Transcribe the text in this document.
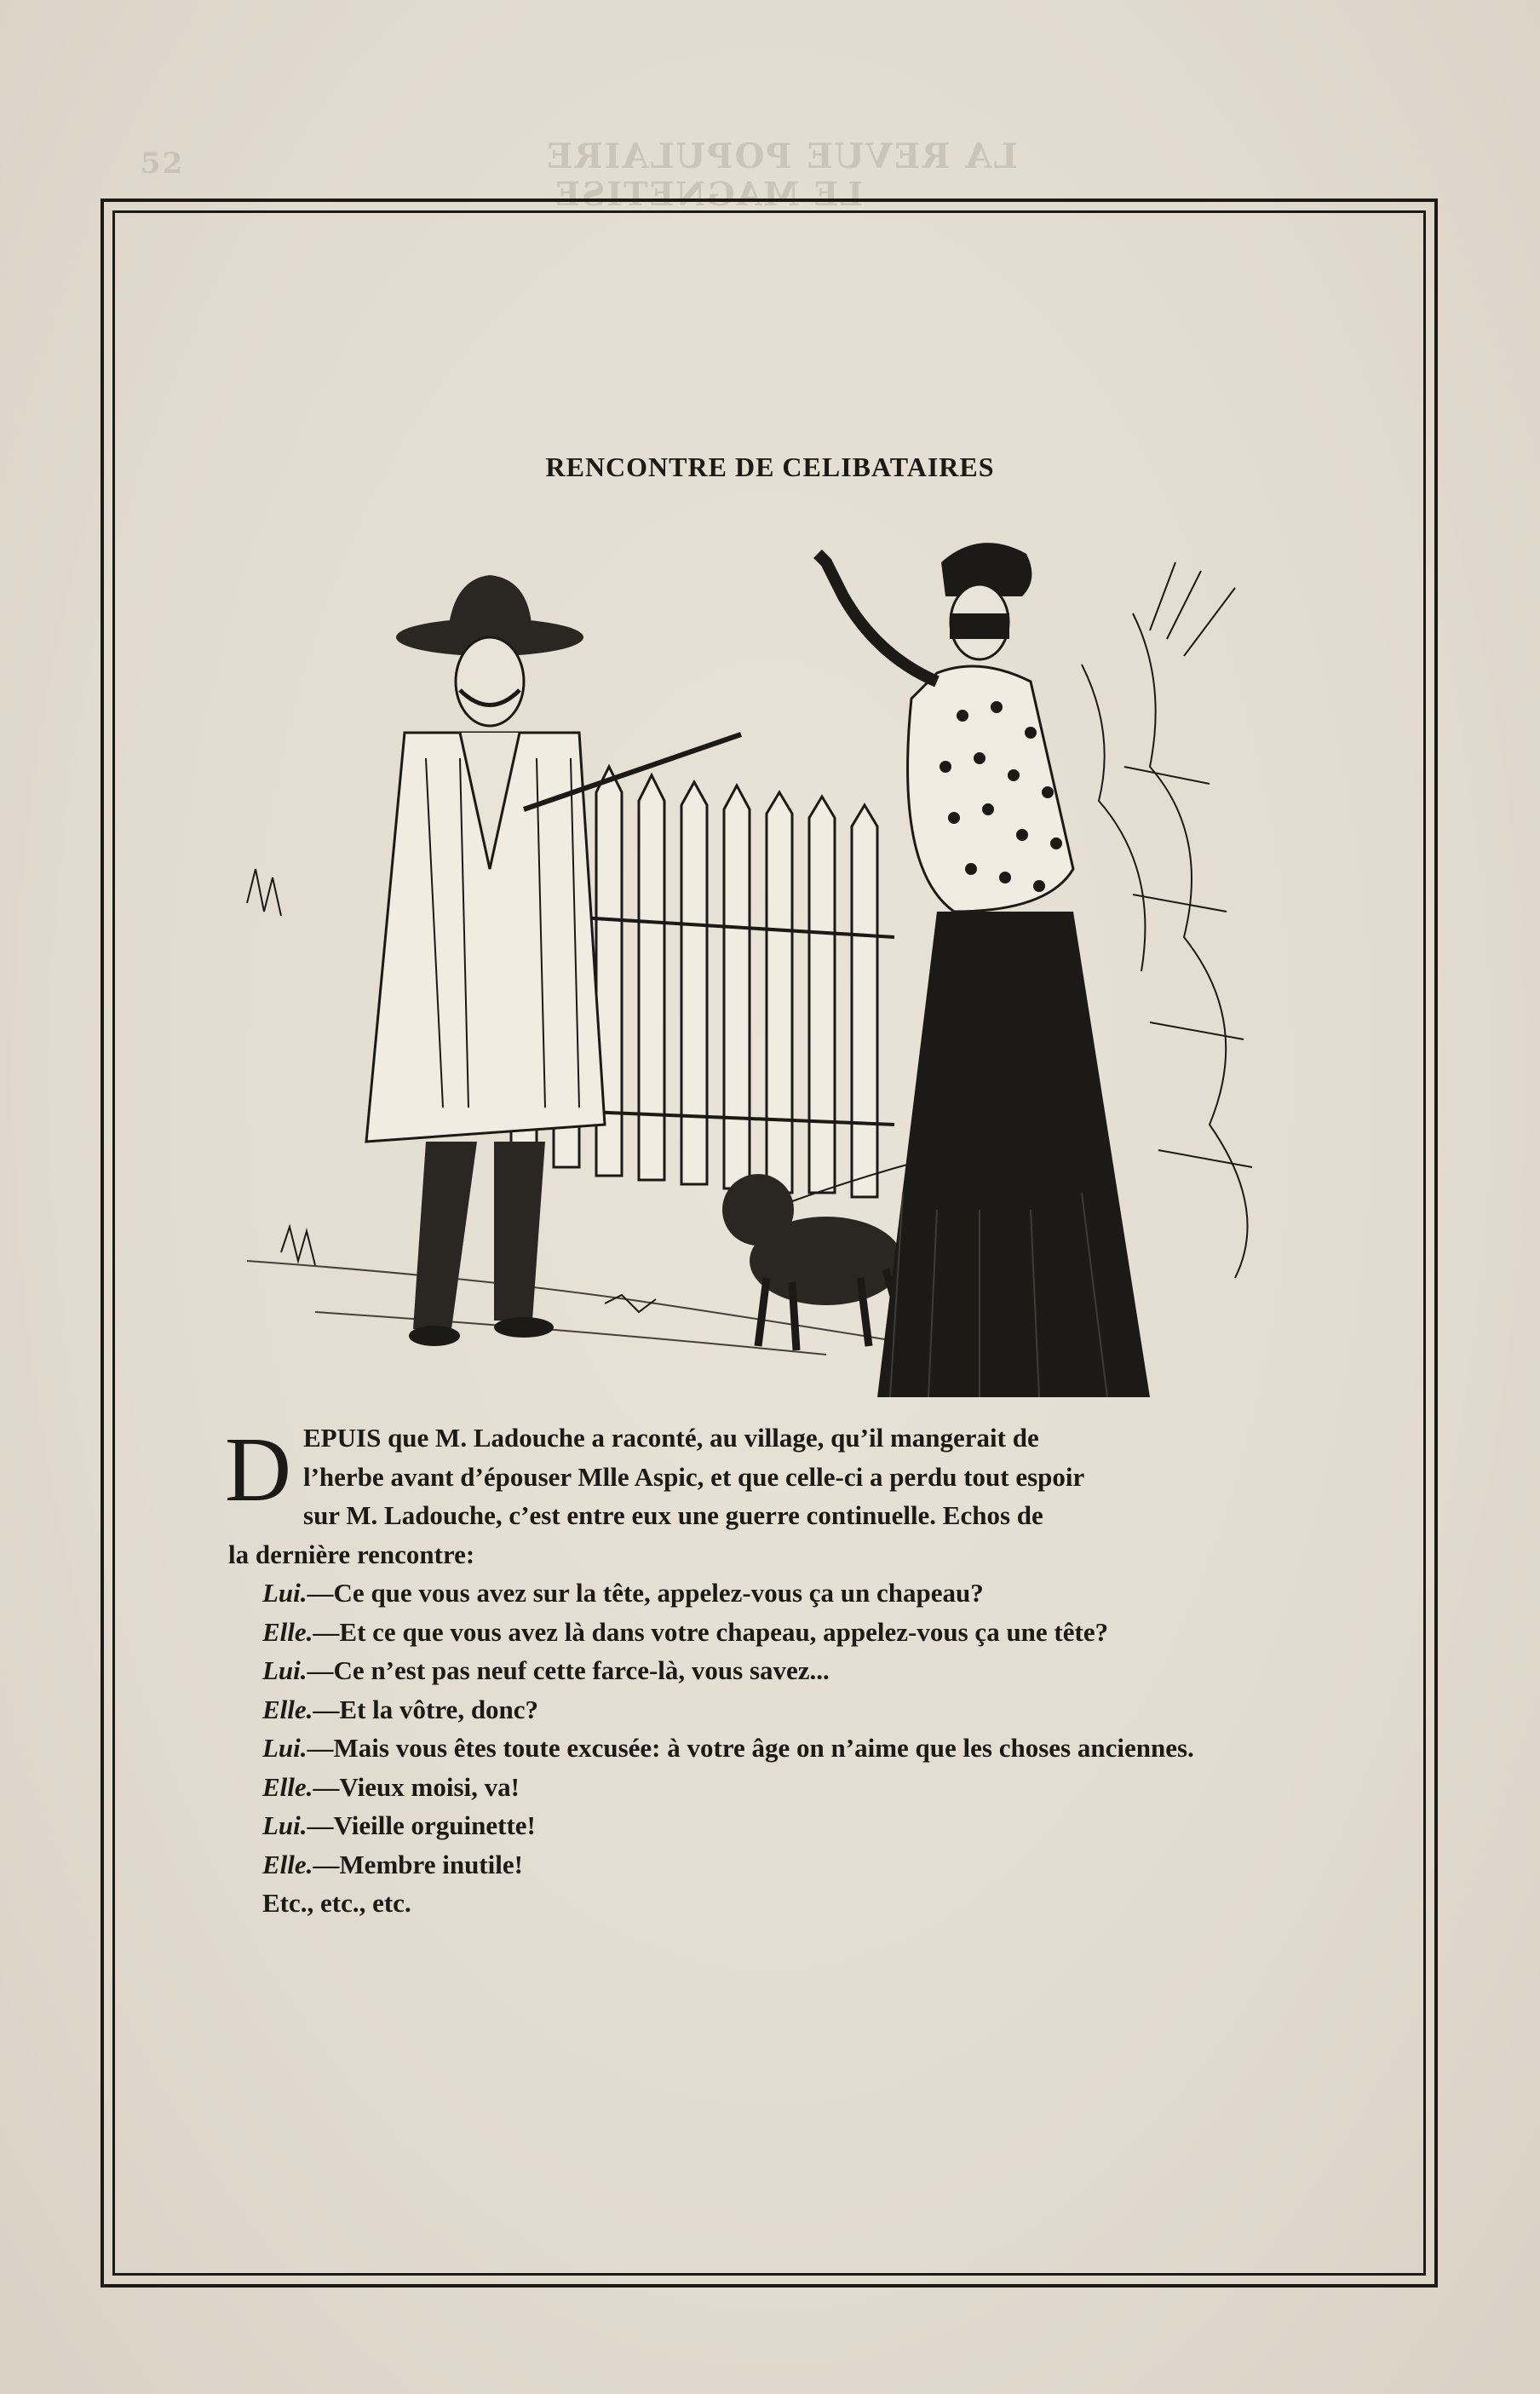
52	LA REVUE POPULAIRE
LE MAGNETISE
RENCONTRE DE CELIBATAIRES
D EPUIS que M. Ladouche a raconté, au village, qu’il mangerait de
l’herbe avant d’épouser Mlle Aspic, et que celle-ci a perdu tout espoir
sur M. Ladouche, c’est entre eux une guerre continuelle. Echos de
la dernière rencontre:
Lui.—Ce que vous avez sur la tête, appelez-vous ça un chapeau?
Elle.—Et ce que vous avez là dans votre chapeau, appelez-vous ça une tête?
Lui.—Ce n’est pas neuf cette farce-là, vous savez...
Elle.—Et la vôtre, donc?
Lui.—Mais vous êtes toute excusée: à votre âge on n’aime que les choses anciennes.
Elle.—Vieux moisi, va!
Lui.—Vieille orguinette!
Elle.—Membre inutile!
Etc., etc., etc.
